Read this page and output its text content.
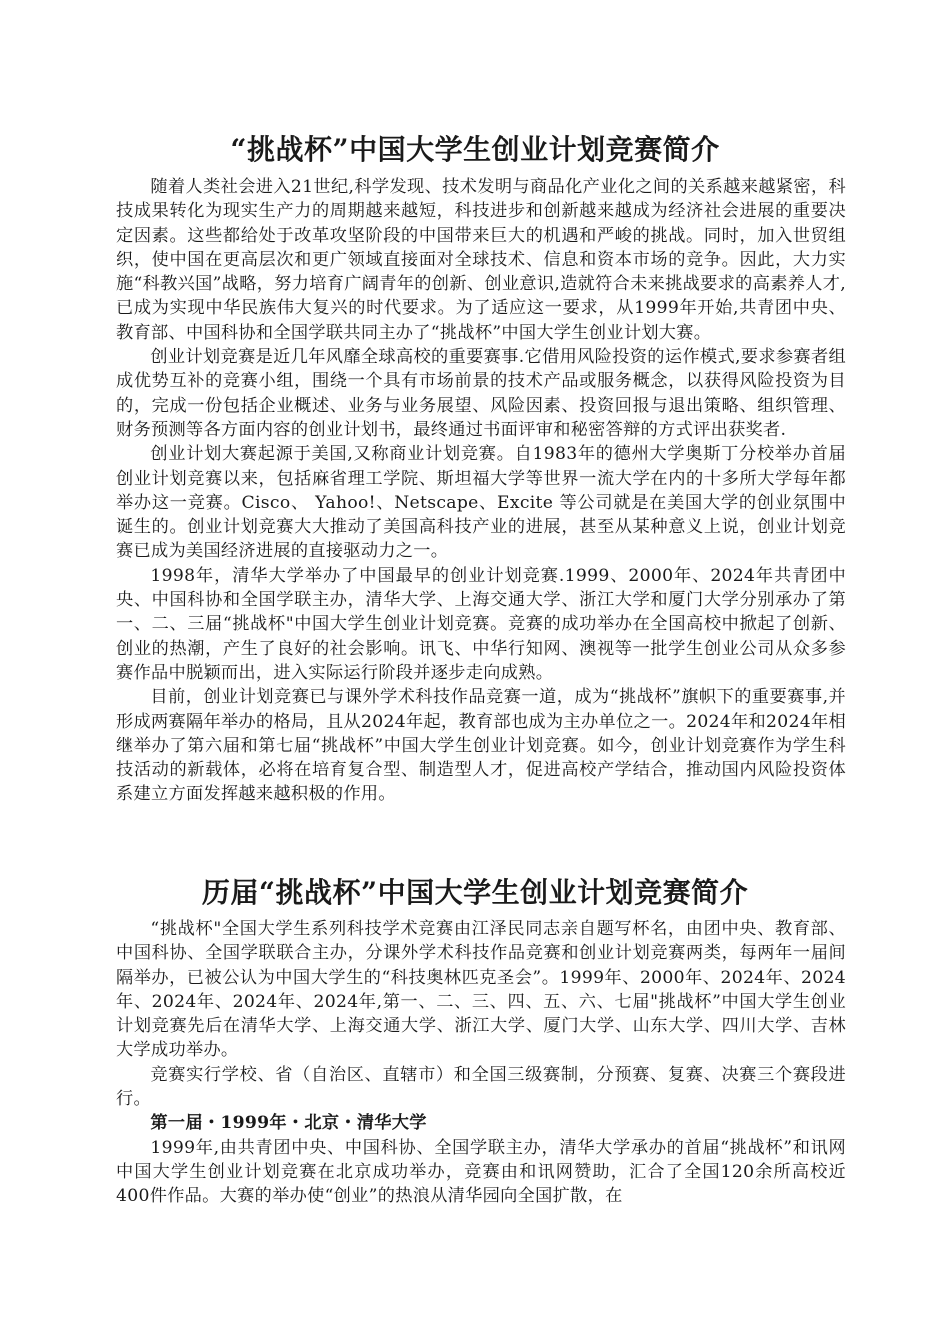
“挑战杯”中国大学生创业计划竞赛简介

随着人类社会进入21世纪,科学发现、技术发明与商品化产业化之间的关系越来越紧密，科技成果转化为现实生产力的周期越来越短，科技进步和创新越来越成为经济社会进展的重要决定因素。这些都给处于改革攻坚阶段的中国带来巨大的机遇和严峻的挑战。同时，加入世贸组织，使中国在更高层次和更广领域直接面对全球技术、信息和资本市场的竞争。因此，大力实施“科教兴国”战略，努力培育广阔青年的创新、创业意识,造就符合未来挑战要求的高素养人才,已成为实现中华民族伟大复兴的时代要求。为了适应这一要求，从1999年开始,共青团中央、教育部、中国科协和全国学联共同主办了“挑战杯”中国大学生创业计划大赛。

创业计划竞赛是近几年风靡全球高校的重要赛事.它借用风险投资的运作模式,要求参赛者组成优势互补的竞赛小组，围绕一个具有市场前景的技术产品或服务概念，以获得风险投资为目的，完成一份包括企业概述、业务与业务展望、风险因素、投资回报与退出策略、组织管理、财务预测等各方面内容的创业计划书，最终通过书面评审和秘密答辩的方式评出获奖者.

创业计划大赛起源于美国,又称商业计划竞赛。自1983年的德州大学奥斯丁分校举办首届创业计划竞赛以来，包括麻省理工学院、斯坦福大学等世界一流大学在内的十多所大学每年都举办这一竞赛。Cisco、 Yahoo!、Netscape、Excite 等公司就是在美国大学的创业氛围中诞生的。创业计划竞赛大大推动了美国高科技产业的进展，甚至从某种意义上说，创业计划竞赛已成为美国经济进展的直接驱动力之一。

1998年，清华大学举办了中国最早的创业计划竞赛.1999、2000年、2024年共青团中央、中国科协和全国学联主办，清华大学、上海交通大学、浙江大学和厦门大学分别承办了第一、二、三届“挑战杯"中国大学生创业计划竞赛。竞赛的成功举办在全国高校中掀起了创新、创业的热潮，产生了良好的社会影响。讯飞、中华行知网、澳视等一批学生创业公司从众多参赛作品中脱颖而出，进入实际运行阶段并逐步走向成熟。

目前，创业计划竞赛已与课外学术科技作品竞赛一道，成为“挑战杯”旗帜下的重要赛事,并形成两赛隔年举办的格局，且从2024年起，教育部也成为主办单位之一。2024年和2024年相继举办了第六届和第七届“挑战杯”中国大学生创业计划竞赛。如今，创业计划竞赛作为学生科技活动的新载体，必将在培育复合型、制造型人才，促进高校产学结合，推动国内风险投资体系建立方面发挥越来越积极的作用。

历届“挑战杯”中国大学生创业计划竞赛简介

“挑战杯"全国大学生系列科技学术竞赛由江泽民同志亲自题写杯名，由团中央、教育部、中国科协、全国学联联合主办，分课外学术科技作品竞赛和创业计划竞赛两类，每两年一届间隔举办，已被公认为中国大学生的“科技奥林匹克圣会”。1999年、2000年、2024年、2024年、2024年、2024年、2024年,第一、二、三、四、五、六、七届"挑战杯”中国大学生创业计划竞赛先后在清华大学、上海交通大学、浙江大学、厦门大学、山东大学、四川大学、吉林大学成功举办。

竞赛实行学校、省（自治区、直辖市）和全国三级赛制，分预赛、复赛、决赛三个赛段进行。

第一届・1999年・北京・清华大学

1999年,由共青团中央、中国科协、全国学联主办，清华大学承办的首届“挑战杯”和讯网中国大学生创业计划竞赛在北京成功举办，竞赛由和讯网赞助，汇合了全国120余所高校近400件作品。大赛的举办使“创业”的热浪从清华园向全国扩散，在
